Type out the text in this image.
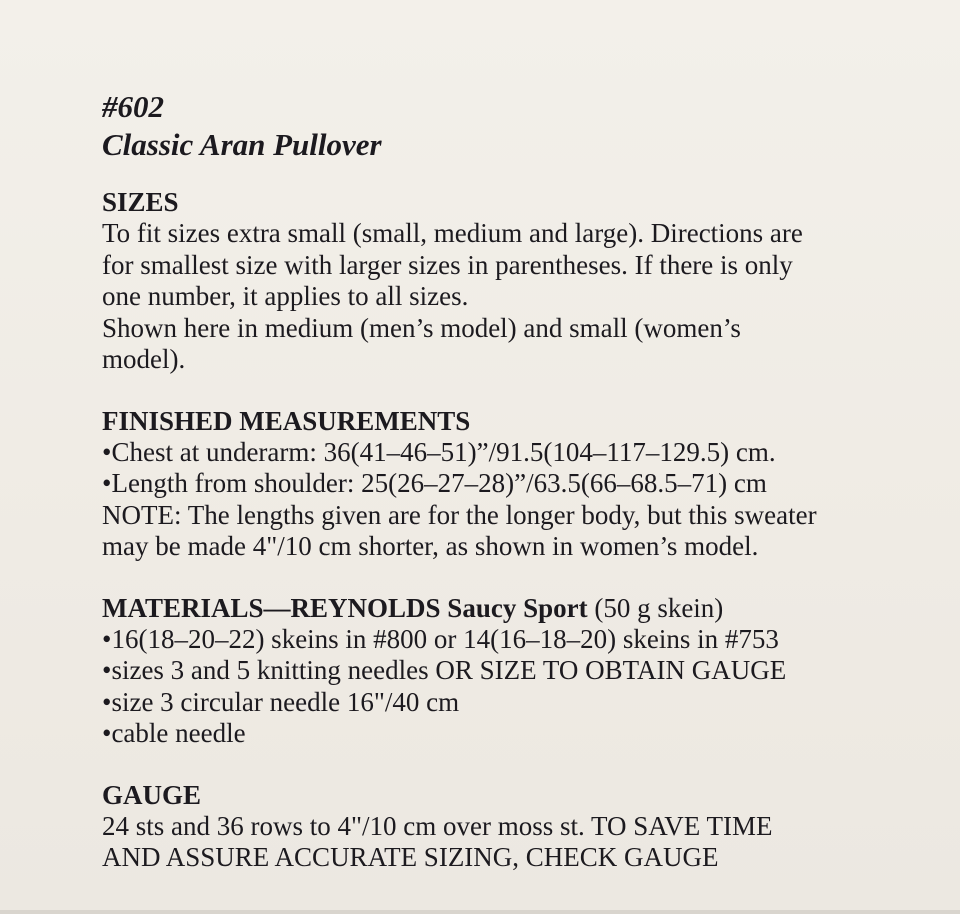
#602
Classic Aran Pullover
SIZES
To fit sizes extra small (small, medium and large). Directions are
for smallest size with larger sizes in parentheses. If there is only
one number, it applies to all sizes.
Shown here in medium (men’s model) and small (women’s
model).
FINISHED MEASUREMENTS
•Chest at underarm: 36(41–46–51)”/91.5(104–117–129.5) cm.
•Length from shoulder: 25(26–27–28)”/63.5(66–68.5–71) cm
NOTE: The lengths given are for the longer body, but this sweater
may be made 4"/10 cm shorter, as shown in women’s model.
MATERIALS—REYNOLDS Saucy Sport (50 g skein)
•16(18–20–22) skeins in #800 or 14(16–18–20) skeins in #753
•sizes 3 and 5 knitting needles OR SIZE TO OBTAIN GAUGE
•size 3 circular needle 16"/40 cm
•cable needle
GAUGE
24 sts and 36 rows to 4"/10 cm over moss st. TO SAVE TIME
AND ASSURE ACCURATE SIZING, CHECK GAUGE
